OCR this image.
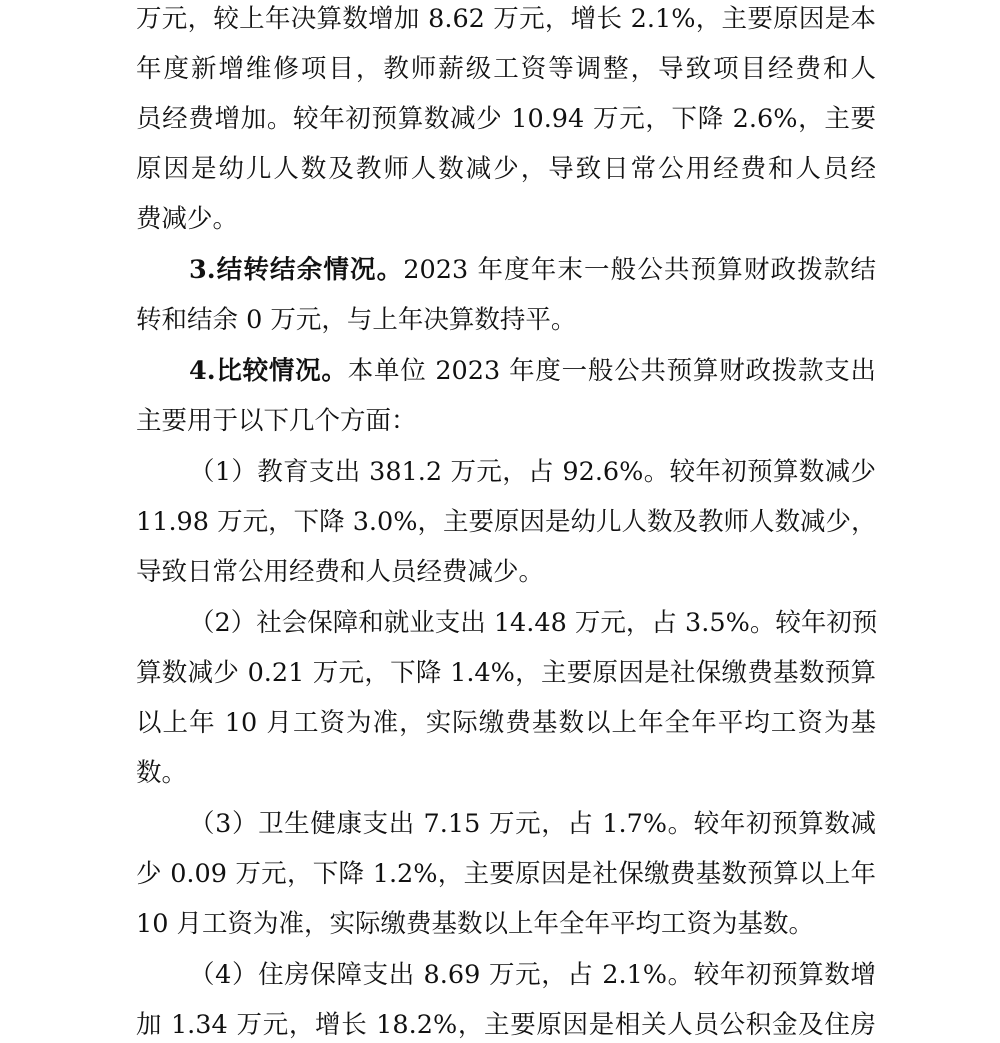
万元，较上年决算数增加 8.62 万元，增长 2.1%，主要原因是本
年度新增维修项目，教师薪级工资等调整，导致项目经费和人
员经费增加。较年初预算数减少 10.94 万元，下降 2.6%，主要
原因是幼儿人数及教师人数减少，导致日常公用经费和人员经
费减少。
3.结转结余情况。2023 年度年末一般公共预算财政拨款结
转和结余 0 万元，与上年决算数持平。
4.比较情况。本单位 2023 年度一般公共预算财政拨款支出
主要用于以下几个方面：
（1）教育支出 381.2 万元，占 92.6%。较年初预算数减少
11.98 万元，下降 3.0%，主要原因是幼儿人数及教师人数减少，
导致日常公用经费和人员经费减少。
（2）社会保障和就业支出 14.48 万元，占 3.5%。较年初预
算数减少 0.21 万元，下降 1.4%，主要原因是社保缴费基数预算
以上年 10 月工资为准，实际缴费基数以上年全年平均工资为基
数。
（3）卫生健康支出 7.15 万元，占 1.7%。较年初预算数减
少 0.09 万元，下降 1.2%，主要原因是社保缴费基数预算以上年
10 月工资为准，实际缴费基数以上年全年平均工资为基数。
（4）住房保障支出 8.69 万元，占 2.1%。较年初预算数增
加 1.34 万元，增长 18.2%，主要原因是相关人员公积金及住房
